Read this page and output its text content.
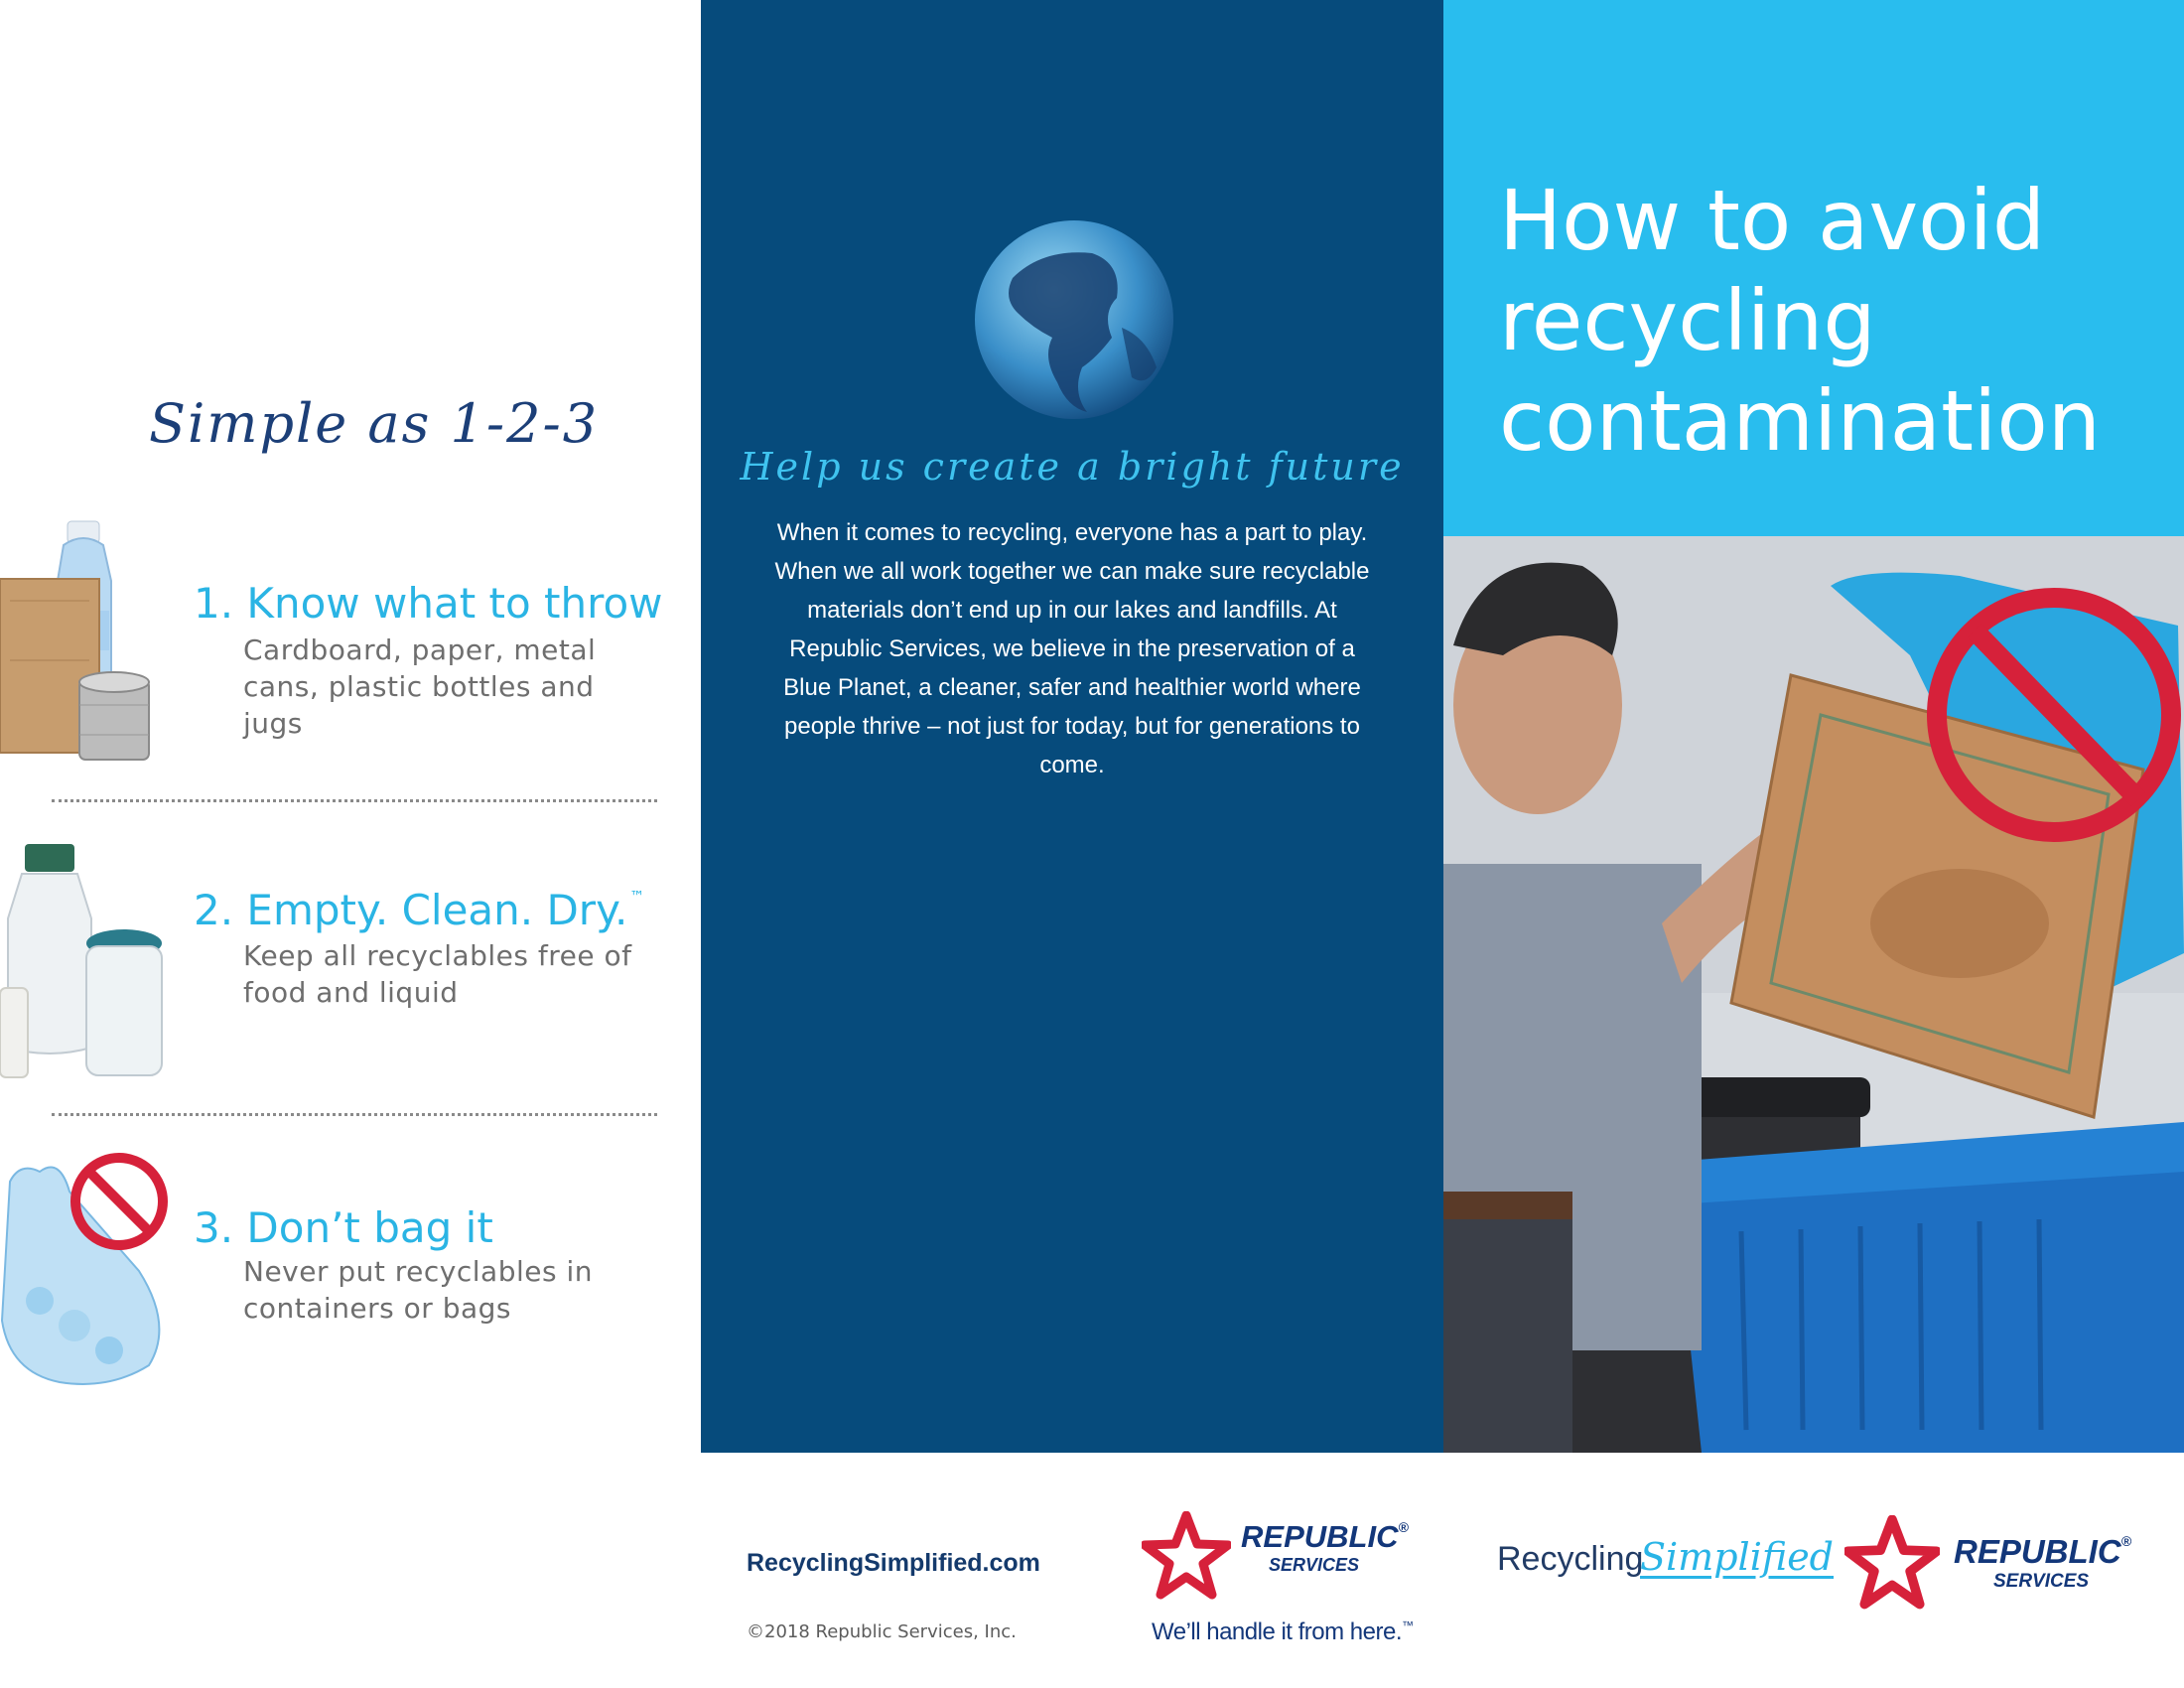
Simple as 1-2-3
1. Know what to throw
Cardboard, paper, metal cans, plastic bottles and jugs
2. Empty. Clean. Dry. ™
Keep all recyclables free of food and liquid
3. Don’t bag it
Never put recyclables in containers or bags
Help us create a bright future
When it comes to recycling, everyone has a part to play. When we all work together we can make sure recyclable materials don’t end up in our lakes and landfills. At Republic Services, we believe in the preservation of a Blue Planet, a cleaner, safer and healthier world where people thrive – not just for today, but for generations to come.
How to avoid recycling contamination
RecyclingSimplified.com
©2018 Republic Services, Inc.
REPUBLIC®
SERVICES
We’ll handle it from here.™
Recycling
Simplified	REPUBLIC®
SERVICES
